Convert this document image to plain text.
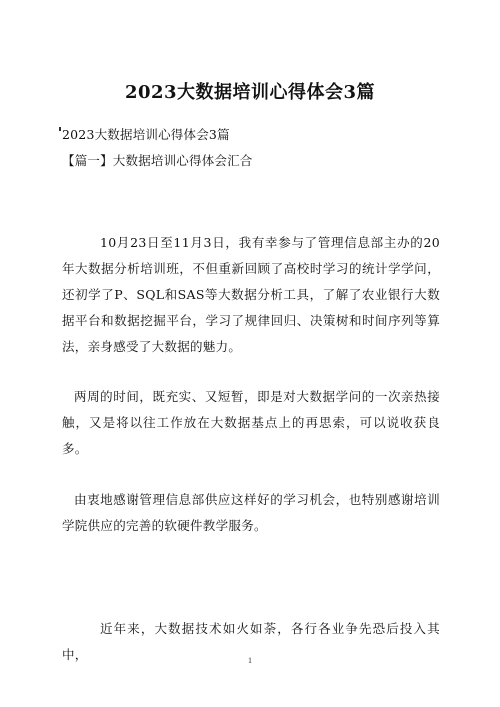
2023大数据培训心得体会3篇
2023大数据培训心得体会3篇
【篇一】大数据培训心得体会汇合
10月23日至11月3日，我有幸参与了管理信息部主办的20年大数据分析培训班，不但重新回顾了高校时学习的统计学学问，还初学了P、SQL和SAS等大数据分析工具，了解了农业银行大数据平台和数据挖掘平台，学习了规律回归、决策树和时间序列等算法，亲身感受了大数据的魅力。
两周的时间，既充实、又短暂，即是对大数据学问的一次亲热接触，又是将以往工作放在大数据基点上的再思索，可以说收获良多。
由衷地感谢管理信息部供应这样好的学习机会，也特别感谢培训学院供应的完善的软硬件教学服务。
近年来，大数据技术如火如荼，各行各业争先恐后投入其中，	1
